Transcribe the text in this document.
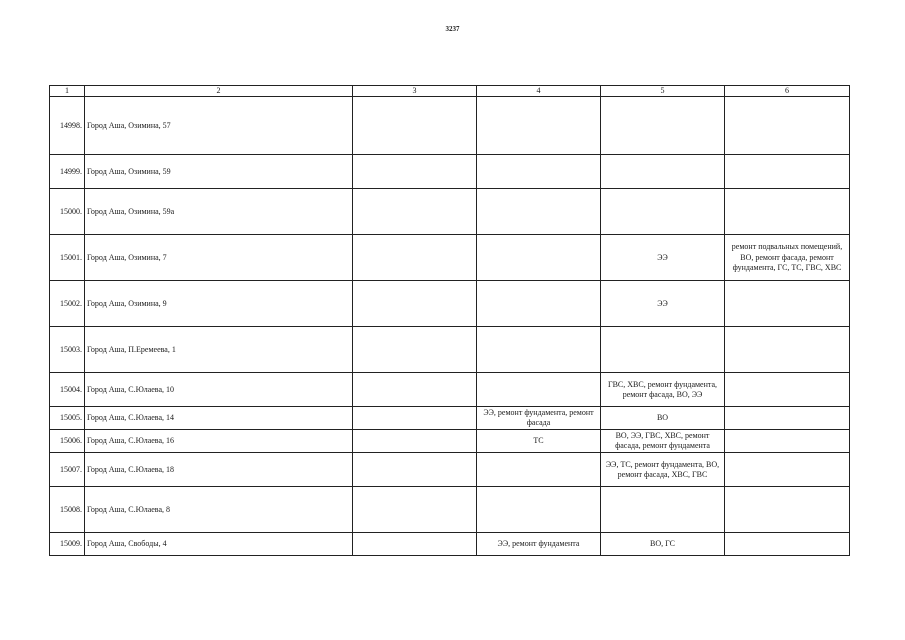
3237
1	2	3	4	5	6
14998.	Город Аша, Озимина, 57				
14999.	Город Аша, Озимина, 59				
15000.	Город Аша, Озимина, 59а				
15001.	Город Аша, Озимина, 7			ЭЭ	ремонт подвальных помещений, ВО, ремонт фасада, ремонт фундамента, ГС, ТС, ГВС, ХВС
15002.	Город Аша, Озимина, 9			ЭЭ	
15003.	Город Аша, П.Еремеева, 1				
15004.	Город Аша, С.Юлаева, 10			ГВС, ХВС, ремонт фундамента, ремонт фасада, ВО, ЭЭ	
15005.	Город Аша, С.Юлаева, 14		ЭЭ, ремонт фундамента, ремонт фасада	ВО	
15006.	Город Аша, С.Юлаева, 16		ТС	ВО, ЭЭ, ГВС, ХВС, ремонт фасада, ремонт фундамента	
15007.	Город Аша, С.Юлаева, 18			ЭЭ, ТС, ремонт фундамента, ВО, ремонт фасада, ХВС, ГВС	
15008.	Город Аша, С.Юлаева, 8				
15009.	Город Аша, Свободы, 4		ЭЭ, ремонт фундамента	ВО, ГС	
